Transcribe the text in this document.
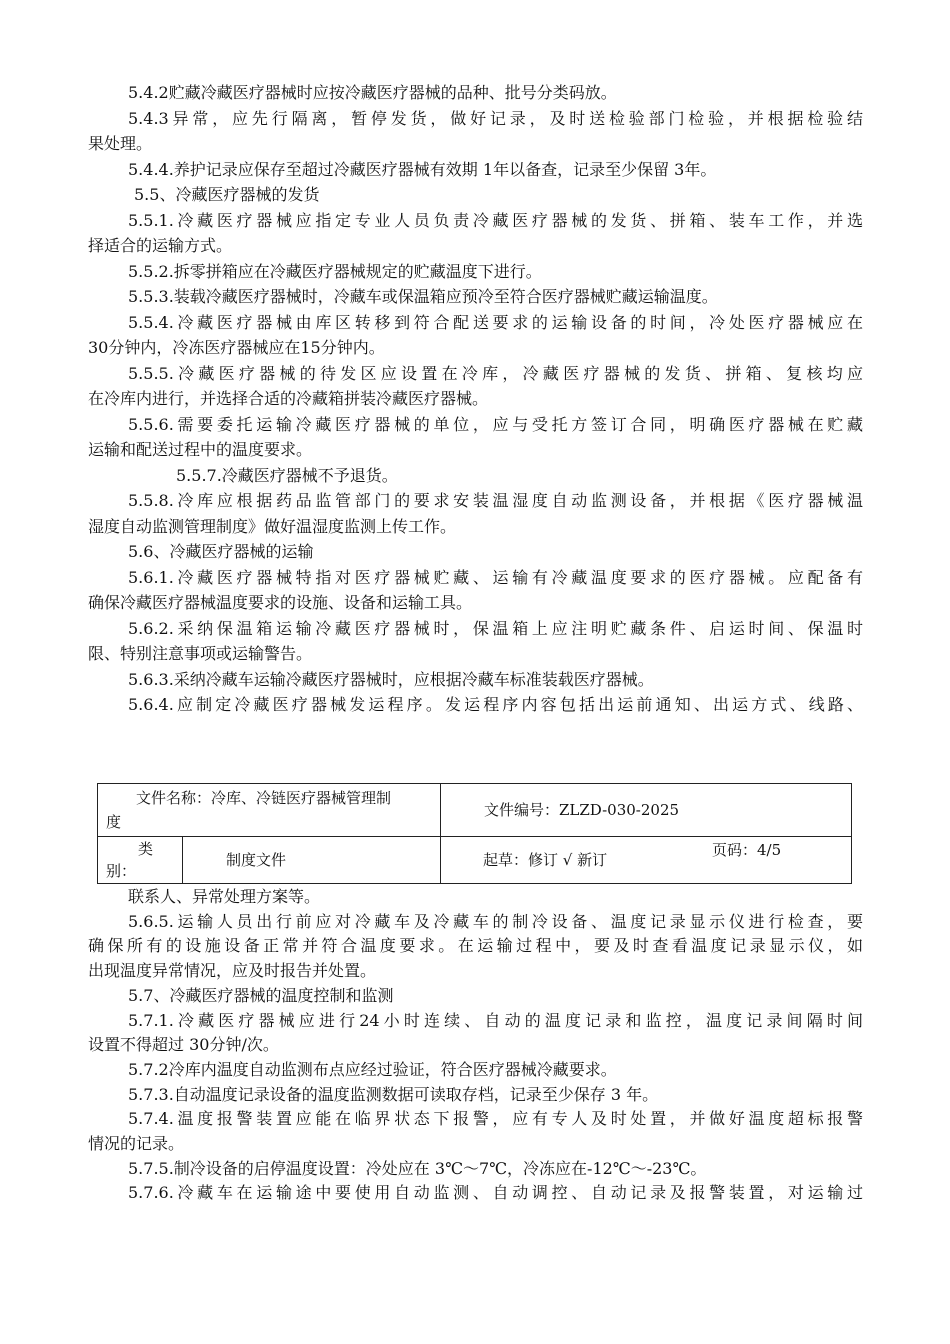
5.4.2贮藏冷藏医疗器械时应按冷藏医疗器械的品种、批号分类码放。
5.4.3异常，应先行隔离，暂停发货，做好记录，及时送检验部门检验，并根据检验结
果处理。
5.4.4.养护记录应保存至超过冷藏医疗器械有效期 1年以备查，记录至少保留 3年。
5.5、冷藏医疗器械的发货
5.5.1.冷藏医疗器械应指定专业人员负责冷藏医疗器械的发货、拼箱、装车工作，并选
择适合的运输方式。
5.5.2.拆零拼箱应在冷藏医疗器械规定的贮藏温度下进行。
5.5.3.装载冷藏医疗器械时，冷藏车或保温箱应预冷至符合医疗器械贮藏运输温度。
5.5.4.冷藏医疗器械由库区转移到符合配送要求的运输设备的时间，冷处医疗器械应在
30分钟内，冷冻医疗器械应在15分钟内。
5.5.5.冷藏医疗器械的待发区应设置在冷库，冷藏医疗器械的发货、拼箱、复核均应
在冷库内进行，并选择合适的冷藏箱拼装冷藏医疗器械。
5.5.6.需要委托运输冷藏医疗器械的单位，应与受托方签订合同，明确医疗器械在贮藏
运输和配送过程中的温度要求。
5.5.7.冷藏医疗器械不予退货。
5.5.8.冷库应根据药品监管部门的要求安装温湿度自动监测设备，并根据《医疗器械温
湿度自动监测管理制度》做好温湿度监测上传工作。
5.6、冷藏医疗器械的运输
5.6.1.冷藏医疗器械特指对医疗器械贮藏、运输有冷藏温度要求的医疗器械。应配备有
确保冷藏医疗器械温度要求的设施、设备和运输工具。
5.6.2.采纳保温箱运输冷藏医疗器械时，保温箱上应注明贮藏条件、启运时间、保温时
限、特别注意事项或运输警告。
5.6.3.采纳冷藏车运输冷藏医疗器械时，应根据冷藏车标准装载医疗器械。
5.6.4.应制定冷藏医疗器械发运程序。发运程序内容包括出运前通知、出运方式、线路、
文件名称：冷库、冷链医疗器械管理制
度
文件编号：ZLZD-030-2025
类
别：
制度文件	起草：修订 √ 新订
页码：4/5
联系人、异常处理方案等。
5.6.5.运输人员出行前应对冷藏车及冷藏车的制冷设备、温度记录显示仪进行检查，要
确保所有的设施设备正常并符合温度要求。在运输过程中，要及时查看温度记录显示仪，如
出现温度异常情况，应及时报告并处置。
5.7、冷藏医疗器械的温度控制和监测
5.7.1.冷藏医疗器械应进行24小时连续、自动的温度记录和监控，温度记录间隔时间
设置不得超过 30分钟/次。
5.7.2冷库内温度自动监测布点应经过验证，符合医疗器械冷藏要求。
5.7.3.自动温度记录设备的温度监测数据可读取存档，记录至少保存 3 年。
5.7.4.温度报警装置应能在临界状态下报警，应有专人及时处置，并做好温度超标报警
情况的记录。
5.7.5.制冷设备的启停温度设置：冷处应在 3℃～7℃，冷冻应在-12℃～-23℃。
5.7.6.冷藏车在运输途中要使用自动监测、自动调控、自动记录及报警装置，对运输过
